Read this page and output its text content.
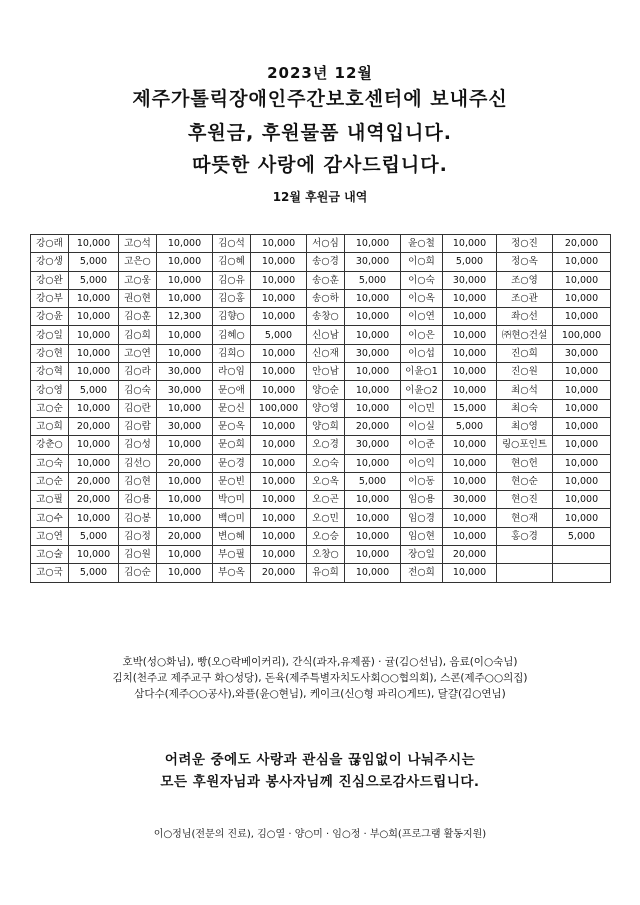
2023년 12월
제주가톨릭장애인주간보호센터에 보내주신
후원금, 후원물품 내역입니다.
따뜻한 사랑에 감사드립니다.
12월 후원금 내역
강○래	10,000	고○석	10,000	김○석	10,000	서○심	10,000	윤○철	10,000	정○진	20,000
강○생	5,000	고은○	10,000	김○혜	10,000	송○경	30,000	이○희	5,000	정○옥	10,000
강○완	5,000	고○웅	10,000	김○유	10,000	송○훈	5,000	이○숙	30,000	조○영	10,000
강○부	10,000	권○현	10,000	김○홍	10,000	송○하	10,000	이○옥	10,000	조○관	10,000
강○윤	10,000	김○훈	12,300	김향○	10,000	송창○	10,000	이○연	10,000	좌○선	10,000
강○일	10,000	김○희	10,000	김혜○	5,000	신○남	10,000	이○은	10,000	㈜현○건설	100,000
강○현	10,000	고○연	10,000	김희○	10,000	신○재	30,000	이○섭	10,000	진○희	30,000
강○혁	10,000	김○라	30,000	라○임	10,000	안○남	10,000	이윤○1	10,000	진○원	10,000
강○영	5,000	김○숙	30,000	문○애	10,000	양○순	10,000	이윤○2	10,000	최○석	10,000
고○순	10,000	김○란	10,000	문○신	100,000	양○영	10,000	이○민	15,000	최○숙	10,000
고○희	20,000	김○람	30,000	문○옥	10,000	양○희	20,000	이○실	5,000	최○영	10,000
강춘○	10,000	김○성	10,000	문○희	10,000	오○경	30,000	이○준	10,000	링○포인트	10,000
고○숙	10,000	김선○	20,000	문○경	10,000	오○숙	10,000	이○익	10,000	현○헌	10,000
고○순	20,000	김○현	10,000	문○빈	10,000	오○옥	5,000	이○동	10,000	현○순	10,000
고○필	20,000	김○용	10,000	박○미	10,000	오○곤	10,000	임○용	30,000	현○진	10,000
고○수	10,000	김○봉	10,000	백○미	10,000	오○민	10,000	임○경	10,000	현○재	10,000
고○연	5,000	김○정	20,000	변○혜	10,000	오○승	10,000	임○현	10,000	홍○경	5,000
고○술	10,000	김○원	10,000	부○필	10,000	오창○	10,000	장○일	20,000		
고○국	5,000	김○순	10,000	부○옥	20,000	유○희	10,000	전○희	10,000		
호박(성○화님), 빵(오○락베이커리), 간식(과자,유제품) · 귤(김○선님), 음료(이○숙님)
김치(천주교 제주교구 화○성당), 돈육(제주특별자치도사회○○협의회), 스콘(제주○○의집)
삼다수(제주○○공사),와플(윤○현님), 케이크(신○형 파리○게뜨), 달걀(김○연님)
어려운 중에도 사랑과 관심을 끊임없이 나눠주시는
모든 후원자님과 봉사자님께 진심으로감사드립니다.
이○정님(전문의 진료), 김○열 · 양○미 · 임○정 · 부○희(프로그램 활동지원)
